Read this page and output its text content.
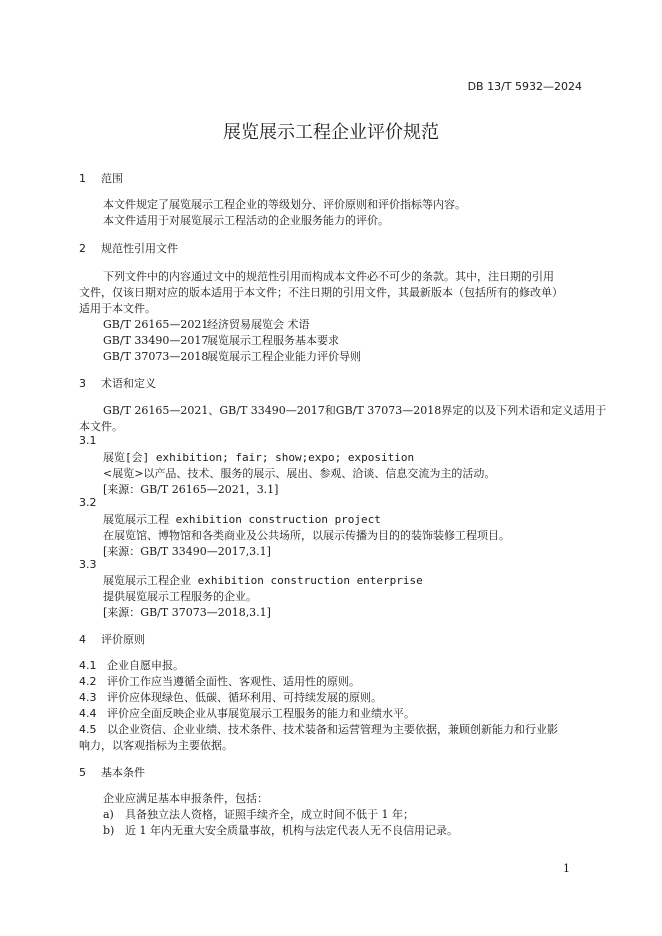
DB 13/T 5932—2024
展览展示工程企业评价规范
1 范围
本文件规定了展览展示工程企业的等级划分、评价原则和评价指标等内容。
本文件适用于对展览展示工程活动的企业服务能力的评价。
2 规范性引用文件
下列文件中的内容通过文中的规范性引用而构成本文件必不可少的条款。其中，注日期的引用
文件，仅该日期对应的版本适用于本文件；不注日期的引用文件，其最新版本（包括所有的修改单）
适用于本文件。
GB/T 26165—2021经济贸易展览会 术语
GB/T 33490—2017展览展示工程服务基本要求
GB/T 37073—2018展览展示工程企业能力评价导则
3 术语和定义
GB/T 26165—2021、GB/T 33490—2017和GB/T 37073—2018界定的以及下列术语和定义适用于
本文件。
3.1
展览[会] exhibition; fair; show;expo; exposition
<展览>以产品、技术、服务的展示、展出、参观、洽谈、信息交流为主的活动。
[来源：GB/T 26165—2021，3.1]
3.2
展览展示工程 exhibition construction project
在展览馆、博物馆和各类商业及公共场所，以展示传播为目的的装饰装修工程项目。
[来源：GB/T 33490—2017,3.1]
3.3
展览展示工程企业 exhibition construction enterprise
提供展览展示工程服务的企业。
[来源：GB/T 37073—2018,3.1]
4 评价原则
4.1 企业自愿申报。
4.2 评价工作应当遵循全面性、客观性、适用性的原则。
4.3 评价应体现绿色、低碳、循环利用、可持续发展的原则。
4.4 评价应全面反映企业从事展览展示工程服务的能力和业绩水平。
4.5 以企业资信、企业业绩、技术条件、技术装备和运营管理为主要依据，兼顾创新能力和行业影
响力，以客观指标为主要依据。
5 基本条件
企业应满足基本申报条件，包括：
a) 具备独立法人资格，证照手续齐全，成立时间不低于 1 年；
b) 近 1 年内无重大安全质量事故，机构与法定代表人无不良信用记录。
1
